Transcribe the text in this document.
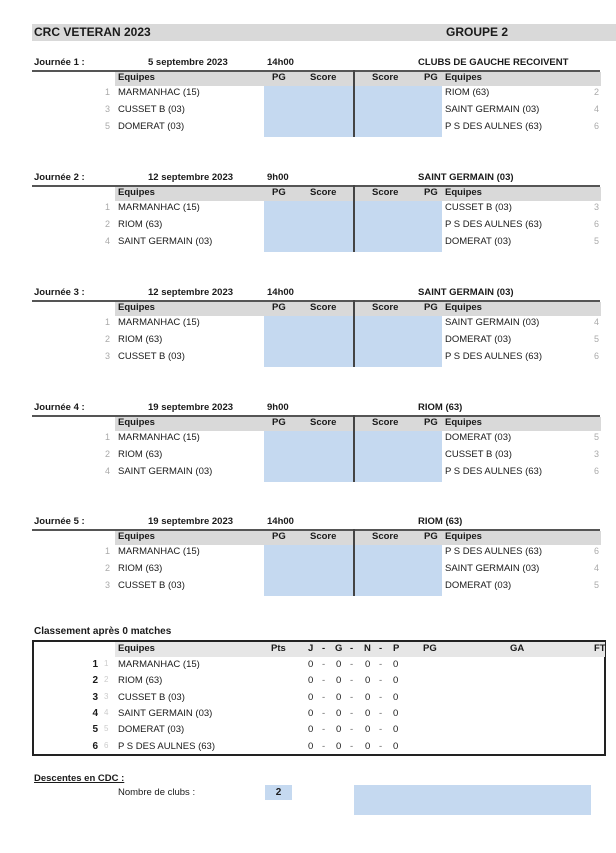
CRC VETERAN 2023	GROUPE 2
Journée 1 :	5 septembre 2023	14h00	CLUBS DE GAUCHE RECOIVENT
Equipes	PG	Score	Score	PG Equipes
1 MARMANHAC (15)	RIOM (63)	2
3 CUSSET B (03)	SAINT GERMAIN (03)	4
5 DOMERAT (03)	P S DES AULNES (63)	6
Journée 2 :	12 septembre 2023	9h00	SAINT GERMAIN (03)
Equipes	PG	Score	Score	PG Equipes
1 MARMANHAC (15)	CUSSET B (03)	3
2 RIOM (63)	P S DES AULNES (63)	6
4 SAINT GERMAIN (03)	DOMERAT (03)	5
Journée 3 :	12 septembre 2023	14h00	SAINT GERMAIN (03)
Equipes	PG	Score	Score	PG Equipes
1 MARMANHAC (15)	SAINT GERMAIN (03)	4
2 RIOM (63)	DOMERAT (03)	5
3 CUSSET B (03)	P S DES AULNES (63)	6
Journée 4 :	19 septembre 2023	9h00	RIOM (63)
Equipes	PG	Score	Score	PG Equipes
1 MARMANHAC (15)	DOMERAT (03)	5
2 RIOM (63)	CUSSET B (03)	3
4 SAINT GERMAIN (03)	P S DES AULNES (63)	6
Journée 5 :	19 septembre 2023	14h00	RIOM (63)
Equipes	PG	Score	Score	PG Equipes
1 MARMANHAC (15)	P S DES AULNES (63)	6
2 RIOM (63)	SAINT GERMAIN (03)	4
3 CUSSET B (03)	DOMERAT (03)	5
Classement après 0 matches
Equipes	Pts J - G - N - P PG	GA	FT
1 1 MARMANHAC (15)	0 - 0 - 0 - 0
2 2 RIOM (63)	0 - 0 - 0 - 0
3 3 CUSSET B (03)	0 - 0 - 0 - 0
4 4 SAINT GERMAIN (03)	0 - 0 - 0 - 0
5 5 DOMERAT (03)	0 - 0 - 0 - 0
6 6 P S DES AULNES (63)	0 - 0 - 0 - 0
Descentes en CDC :
Nombre de clubs :	2
